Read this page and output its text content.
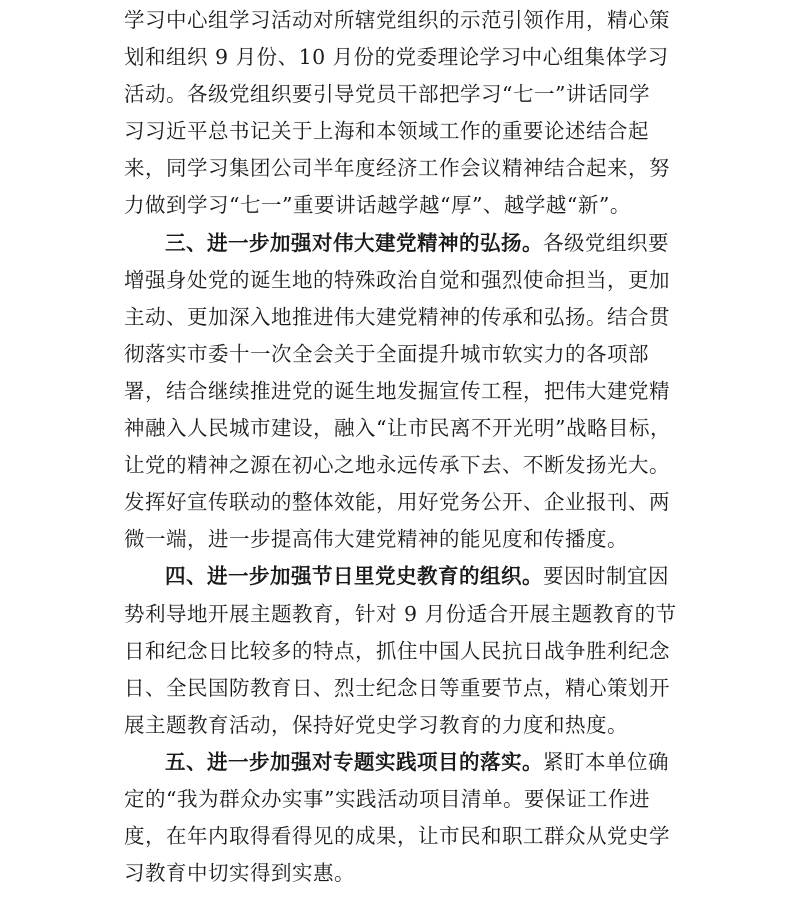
学习中心组学习活动对所辖党组织的示范引领作用，精心策
划和组织 9 月份、10 月份的党委理论学习中心组集体学习
活动。各级党组织要引导党员干部把学习“七一”讲话同学
习习近平总书记关于上海和本领域工作的重要论述结合起
来，同学习集团公司半年度经济工作会议精神结合起来，努
力做到学习“七一”重要讲话越学越“厚”、越学越“新”。
三、进一步加强对伟大建党精神的弘扬。各级党组织要
增强身处党的诞生地的特殊政治自觉和强烈使命担当，更加
主动、更加深入地推进伟大建党精神的传承和弘扬。结合贯
彻落实市委十一次全会关于全面提升城市软实力的各项部
署，结合继续推进党的诞生地发掘宣传工程，把伟大建党精
神融入人民城市建设，融入“让市民离不开光明”战略目标，
让党的精神之源在初心之地永远传承下去、不断发扬光大。
发挥好宣传联动的整体效能，用好党务公开、企业报刊、两
微一端，进一步提高伟大建党精神的能见度和传播度。
四、进一步加强节日里党史教育的组织。要因时制宜因
势利导地开展主题教育，针对 9 月份适合开展主题教育的节
日和纪念日比较多的特点，抓住中国人民抗日战争胜利纪念
日、全民国防教育日、烈士纪念日等重要节点，精心策划开
展主题教育活动，保持好党史学习教育的力度和热度。
五、进一步加强对专题实践项目的落实。紧盯本单位确
定的“我为群众办实事”实践活动项目清单。要保证工作进
度，在年内取得看得见的成果，让市民和职工群众从党史学
习教育中切实得到实惠。
